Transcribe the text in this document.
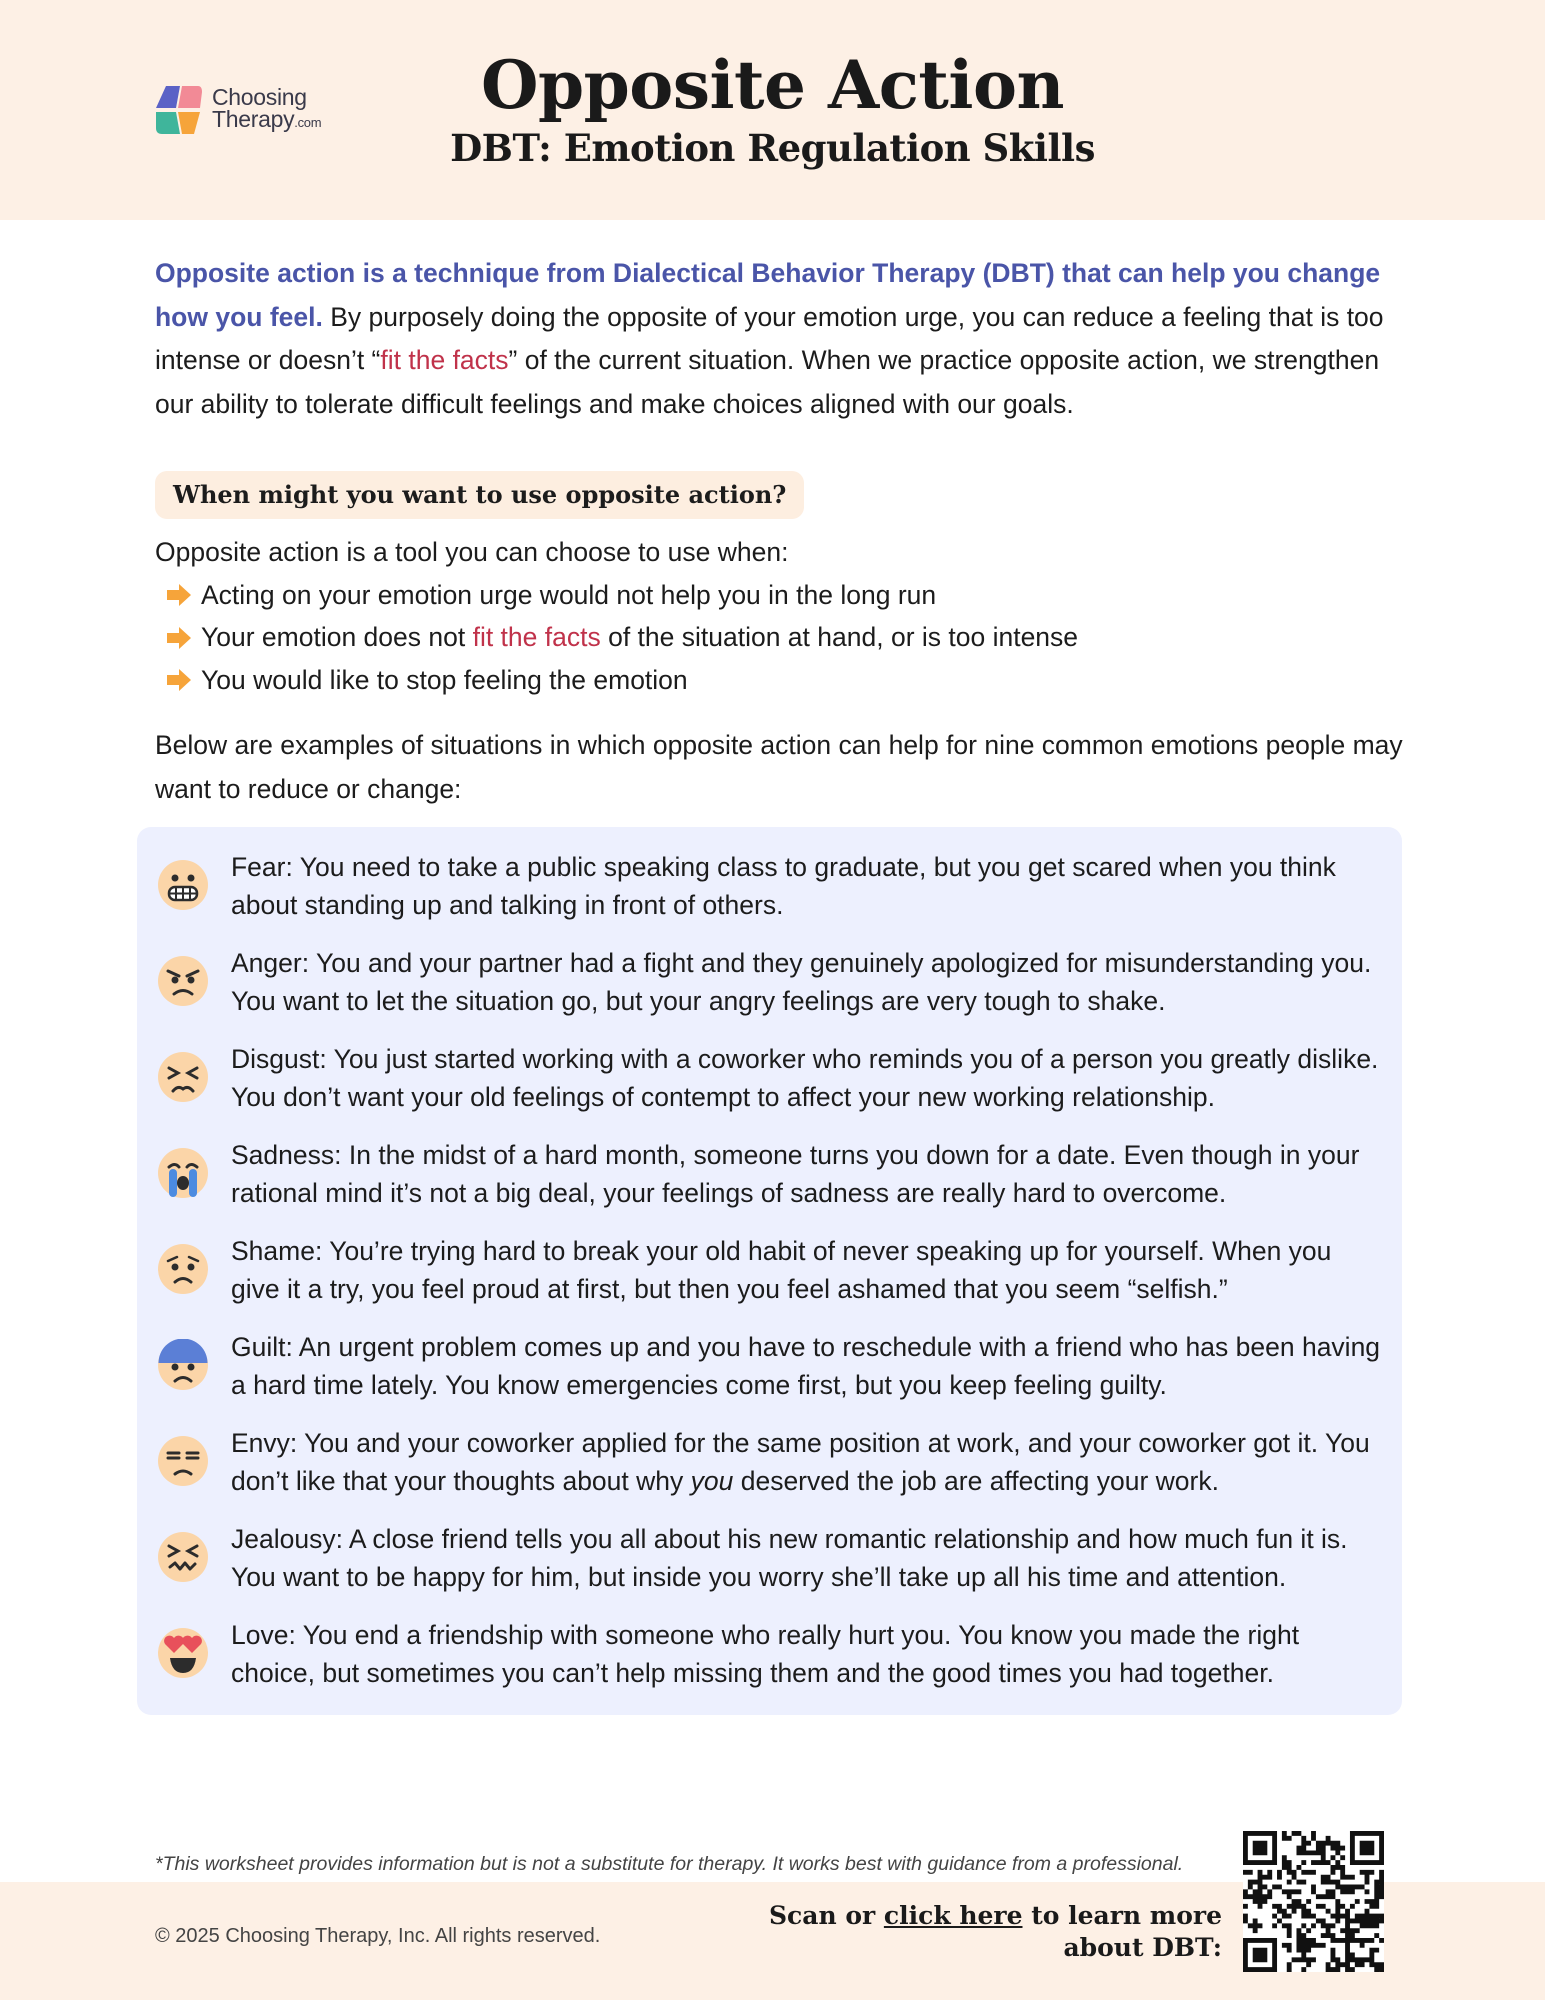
Choosing
Therapy.com	Opposite Action
DBT: Emotion Regulation Skills
Opposite action is a technique from Dialectical Behavior Therapy (DBT) that can help you change how you feel. By purposely doing the opposite of your emotion urge, you can reduce a feeling that is too intense or doesn’t “fit the facts” of the current situation. When we practice opposite action, we strengthen our ability to tolerate difficult feelings and make choices aligned with our goals.
When might you want to use opposite action?
Opposite action is a tool you can choose to use when:
Acting on your emotion urge would not help you in the long run
Your emotion does not fit the facts of the situation at hand, or is too intense
You would like to stop feeling the emotion
Below are examples of situations in which opposite action can help for nine common emotions people may want to reduce or change:
Fear: You need to take a public speaking class to graduate, but you get scared when you think about standing up and talking in front of others.
Anger: You and your partner had a fight and they genuinely apologized for misunderstanding you. You want to let the situation go, but your angry feelings are very tough to shake.
Disgust: You just started working with a coworker who reminds you of a person you greatly dislike. You don’t want your old feelings of contempt to affect your new working relationship.
Sadness: In the midst of a hard month, someone turns you down for a date. Even though in your rational mind it’s not a big deal, your feelings of sadness are really hard to overcome.
Shame: You’re trying hard to break your old habit of never speaking up for yourself. When you give it a try, you feel proud at first, but then you feel ashamed that you seem “selfish.”
Guilt: An urgent problem comes up and you have to reschedule with a friend who has been having a hard time lately. You know emergencies come first, but you keep feeling guilty.
Envy: You and your coworker applied for the same position at work, and your coworker got it. You don’t like that your thoughts about why you deserved the job are affecting your work.
Jealousy: A close friend tells you all about his new romantic relationship and how much fun it is. You want to be happy for him, but inside you worry she’ll take up all his time and attention.
Love: You end a friendship with someone who really hurt you. You know you made the right choice, but sometimes you can’t help missing them and the good times you had together.
*This worksheet provides information but is not a substitute for therapy. It works best with guidance from a professional.
© 2025 Choosing Therapy, Inc. All rights reserved.
Scan or click here to learn more
about DBT:
